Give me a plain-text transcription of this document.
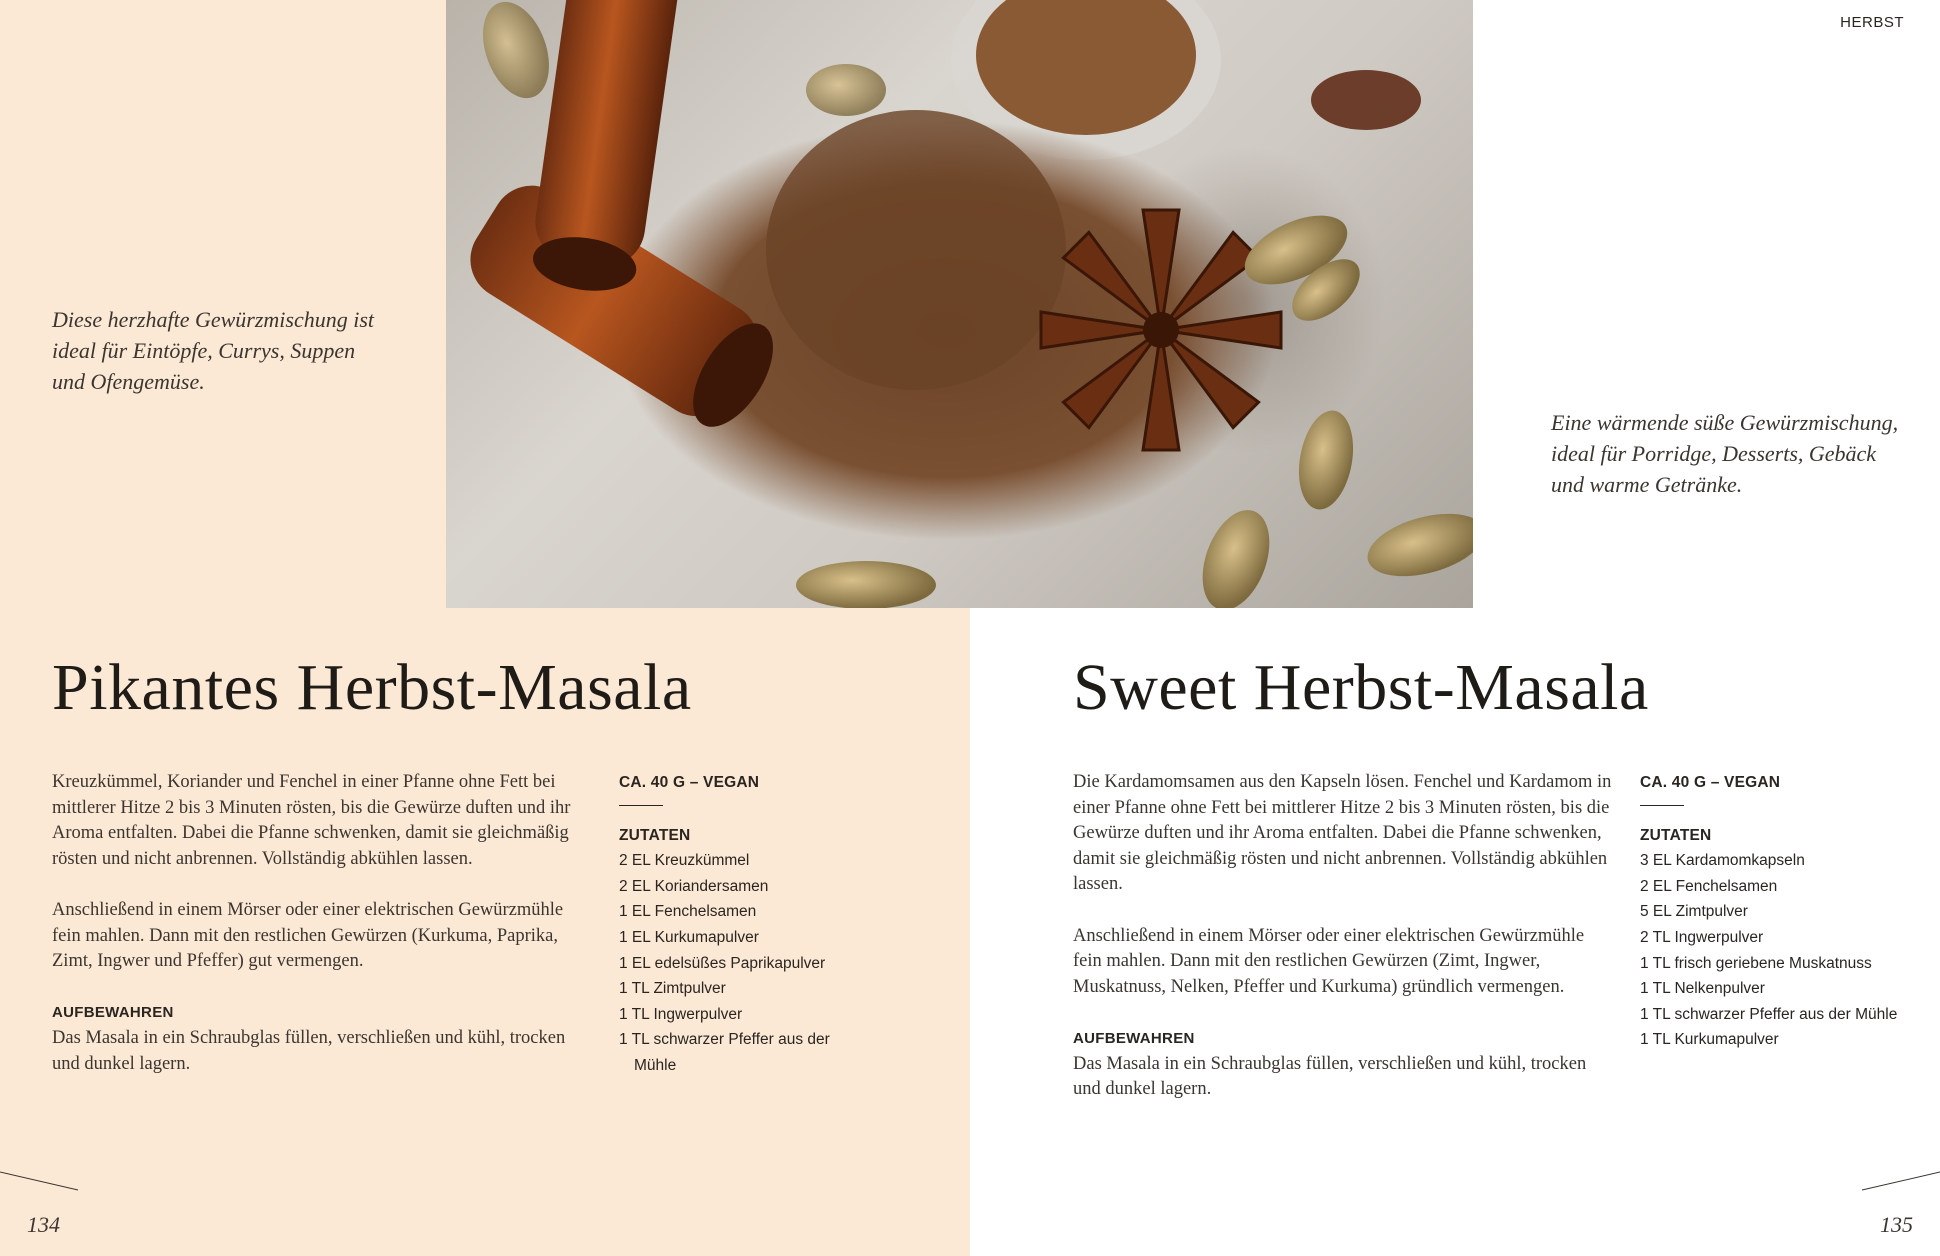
HERBST
Diese herzhafte Gewürzmischung ist ideal für Eintöpfe, Currys, Suppen und Ofengemüse.
Eine wärmende süße Gewürzmischung, ideal für Porridge, Desserts, Gebäck und warme Getränke.
Pikantes Herbst-Masala	Sweet Herbst-Masala

Kreuzkümmel, Koriander und Fenchel in einer Pfanne ohne Fett bei mittlerer Hitze 2 bis 3 Minuten rösten, bis die Gewürze duften und ihr Aroma entfalten. Dabei die Pfanne schwenken, damit sie gleichmäßig rösten und nicht anbrennen. Vollständig abkühlen lassen.

Anschließend in einem Mörser oder einer elektrischen Gewürzmühle fein mahlen. Dann mit den restlichen Gewürzen (Kurkuma, Paprika, Zimt, Ingwer und Pfeffer) gut vermengen.

AUFBEWAHREN

Das Masala in ein Schraubglas füllen, verschließen und kühl, trocken und dunkel lagern.

Die Kardamomsamen aus den Kapseln lösen. Fenchel und Kardamom in einer Pfanne ohne Fett bei mittlerer Hitze 2 bis 3 Minuten rösten, bis die Gewürze duften und ihr Aroma entfalten. Dabei die Pfanne schwenken, damit sie gleichmäßig rösten und nicht anbrennen. Vollständig abkühlen lassen.

Anschließend in einem Mörser oder einer elektrischen Gewürzmühle fein mahlen. Dann mit den restlichen Gewürzen (Zimt, Ingwer, Muskatnuss, Nelken, Pfeffer und Kurkuma) gründlich vermengen.

AUFBEWAHREN

Das Masala in ein Schraubglas füllen, verschließen und kühl, trocken und dunkel lagern.

CA. 40 G – VEGAN
ZUTATEN
2 EL Kreuzkümmel
2 EL Koriandersamen
1 EL Fenchelsamen
1 EL Kurkumapulver
1 EL edelsüßes Paprikapulver
1 TL Zimtpulver
1 TL Ingwerpulver
1 TL schwarzer Pfeffer aus der Mühle
CA. 40 G – VEGAN
ZUTATEN
3 EL Kardamomkapseln
2 EL Fenchelsamen
5 EL Zimtpulver
2 TL Ingwerpulver
1 TL frisch geriebene Muskatnuss
1 TL Nelkenpulver
1 TL schwarzer Pfeffer aus der Mühle
1 TL Kurkumapulver
134	135
